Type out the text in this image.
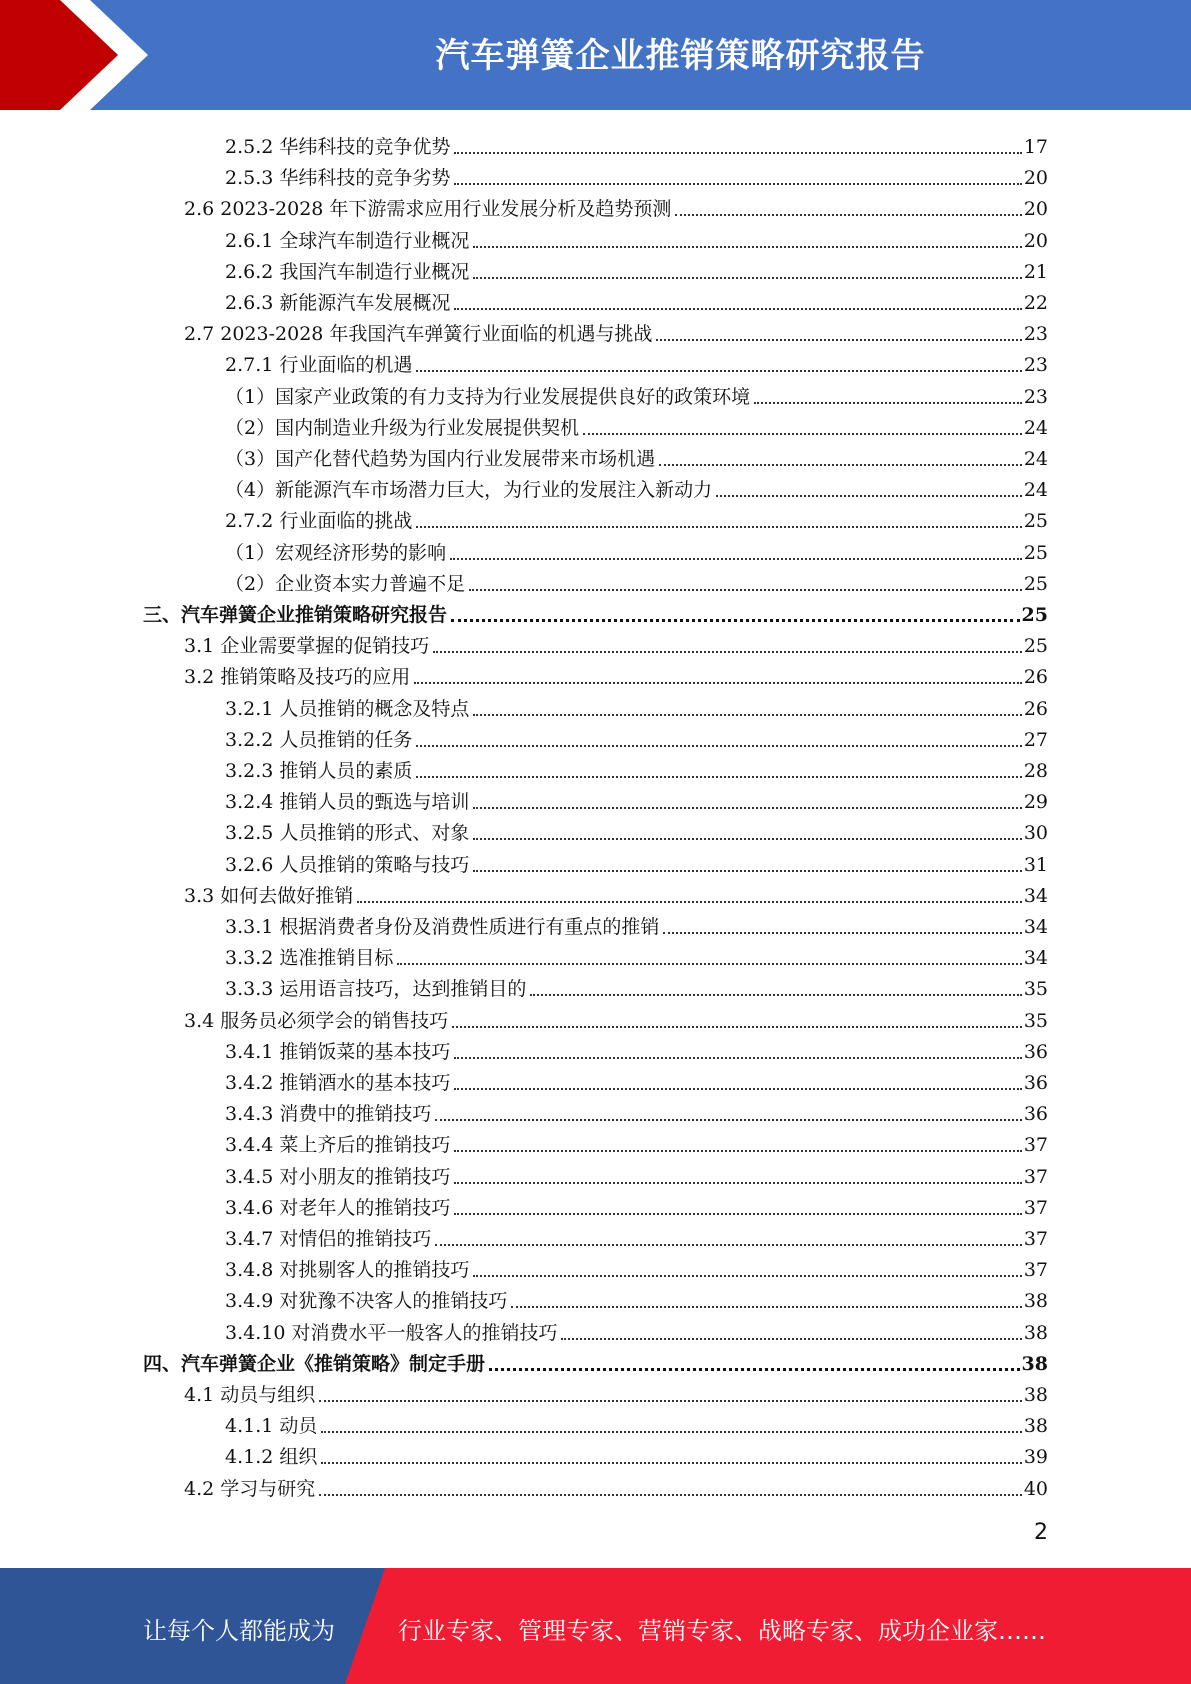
汽车弹簧企业推销策略研究报告
2.5.2 华纬科技的竞争优势	17
2.5.3 华纬科技的竞争劣势	20
2.6 2023-2028 年下游需求应用行业发展分析及趋势预测	20
2.6.1 全球汽车制造行业概况	20
2.6.2 我国汽车制造行业概况	21
2.6.3 新能源汽车发展概况	22
2.7 2023-2028 年我国汽车弹簧行业面临的机遇与挑战	23
2.7.1 行业面临的机遇	23
（1）国家产业政策的有力支持为行业发展提供良好的政策环境	23
（2）国内制造业升级为行业发展提供契机	24
（3）国产化替代趋势为国内行业发展带来市场机遇	24
（4）新能源汽车市场潜力巨大，为行业的发展注入新动力	24
2.7.2 行业面临的挑战	25
（1）宏观经济形势的影响	25
（2）企业资本实力普遍不足	25
三、汽车弹簧企业推销策略研究报告	25
3.1 企业需要掌握的促销技巧	25
3.2 推销策略及技巧的应用	26
3.2.1 人员推销的概念及特点	26
3.2.2 人员推销的任务	27
3.2.3 推销人员的素质	28
3.2.4 推销人员的甄选与培训	29
3.2.5 人员推销的形式、对象	30
3.2.6 人员推销的策略与技巧	31
3.3 如何去做好推销	34
3.3.1 根据消费者身份及消费性质进行有重点的推销	34
3.3.2 选准推销目标	34
3.3.3 运用语言技巧，达到推销目的	35
3.4 服务员必须学会的销售技巧	35
3.4.1 推销饭菜的基本技巧	36
3.4.2 推销酒水的基本技巧	36
3.4.3 消费中的推销技巧	36
3.4.4 菜上齐后的推销技巧	37
3.4.5 对小朋友的推销技巧	37
3.4.6 对老年人的推销技巧	37
3.4.7 对情侣的推销技巧	37
3.4.8 对挑剔客人的推销技巧	37
3.4.9 对犹豫不决客人的推销技巧	38
3.4.10 对消费水平一般客人的推销技巧	38
四、汽车弹簧企业《推销策略》制定手册	38
4.1 动员与组织	38
4.1.1 动员	38
4.1.2 组织	39
4.2 学习与研究	40
2
让每个人都能成为	行业专家、管理专家、营销专家、战略专家、成功企业家……
